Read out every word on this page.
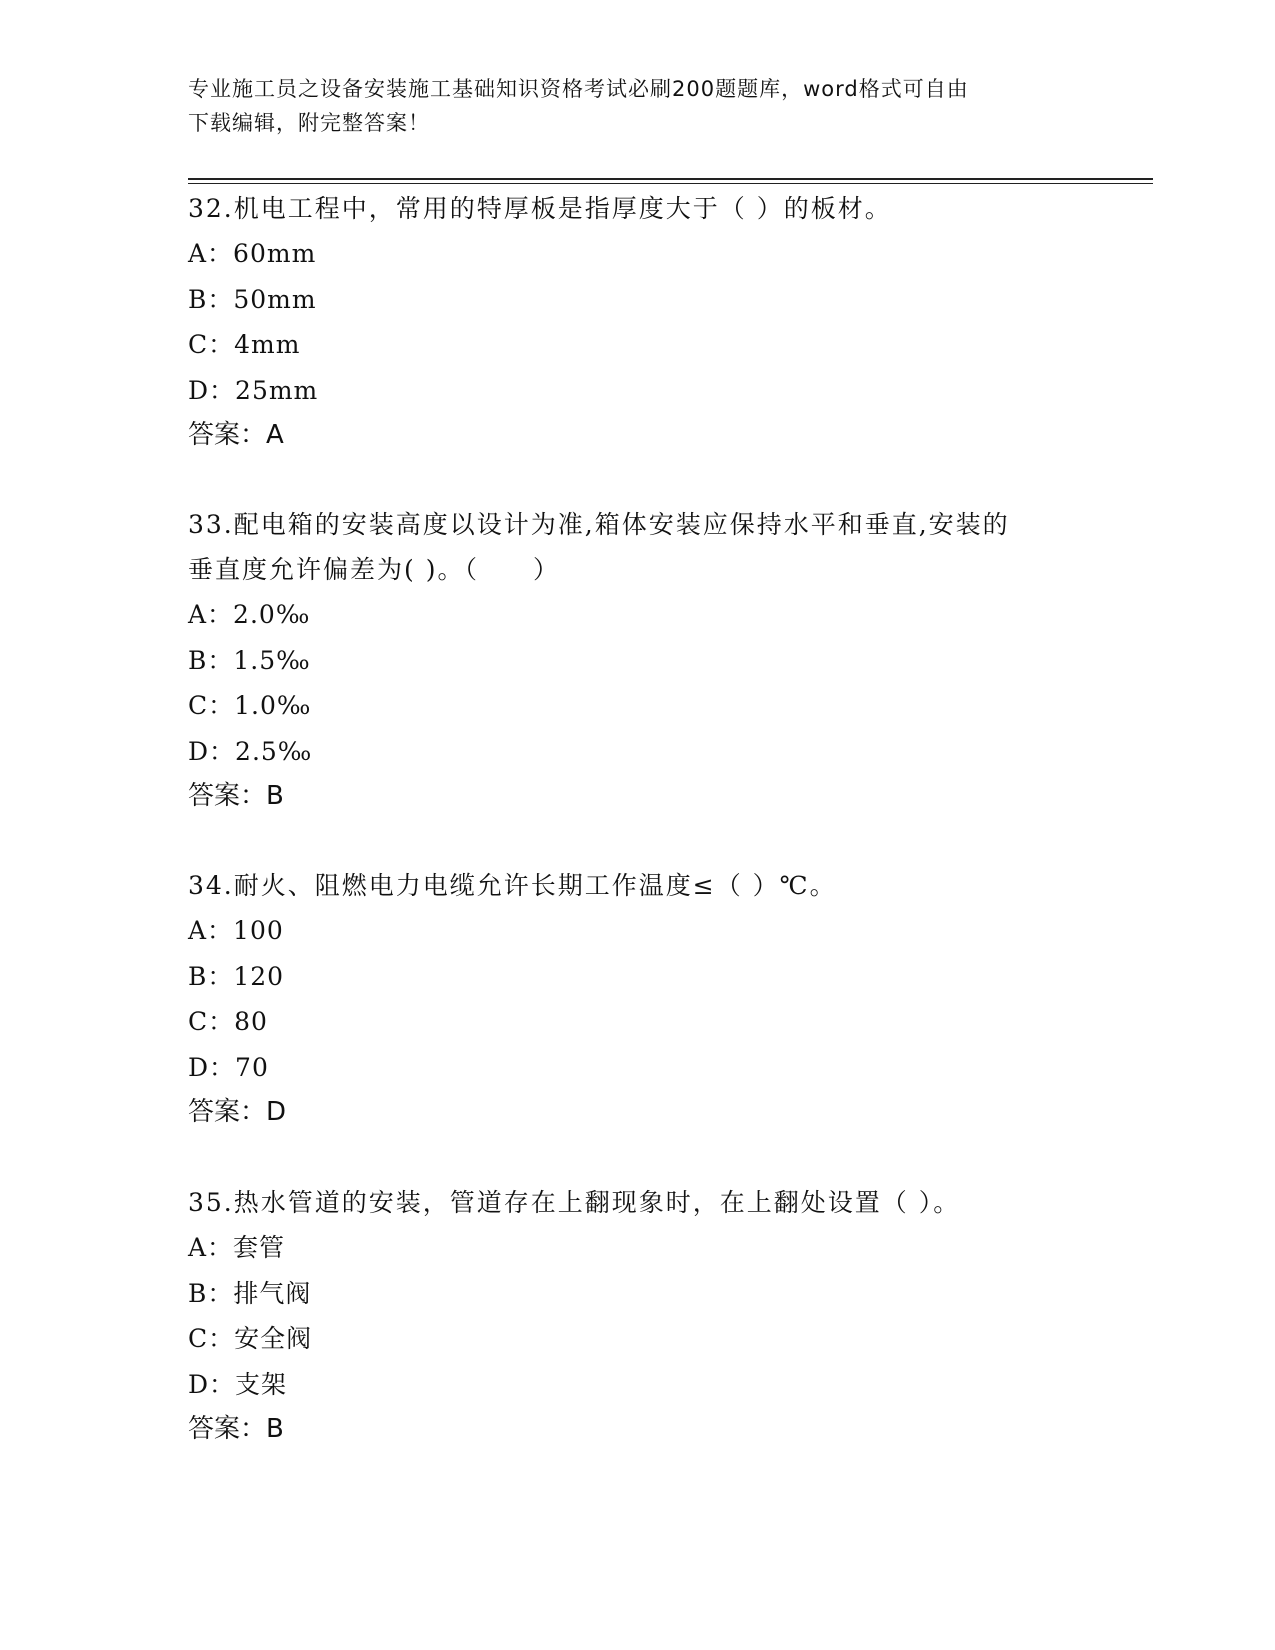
专业施工员之设备安装施工基础知识资格考试必刷200题题库，word格式可自由
下载编辑，附完整答案！

32.机电工程中，常用的特厚板是指厚度大于（ ）的板材。

A：60mm

B：50mm

C：4mm

D：25mm

答案：A

33.配电箱的安装高度以设计为准,箱体安装应保持水平和垂直,安装的

垂直度允许偏差为( )。（　　）

A：2.0‰

B：1.5‰

C：1.0‰

D：2.5‰

答案：B

34.耐火、阻燃电力电缆允许长期工作温度≤（ ）℃。

A：100

B：120

C：80

D：70

答案：D

35.热水管道的安装，管道存在上翻现象时，在上翻处设置（ ）。

A：套管

B：排气阀

C：安全阀

D：支架

答案：B
